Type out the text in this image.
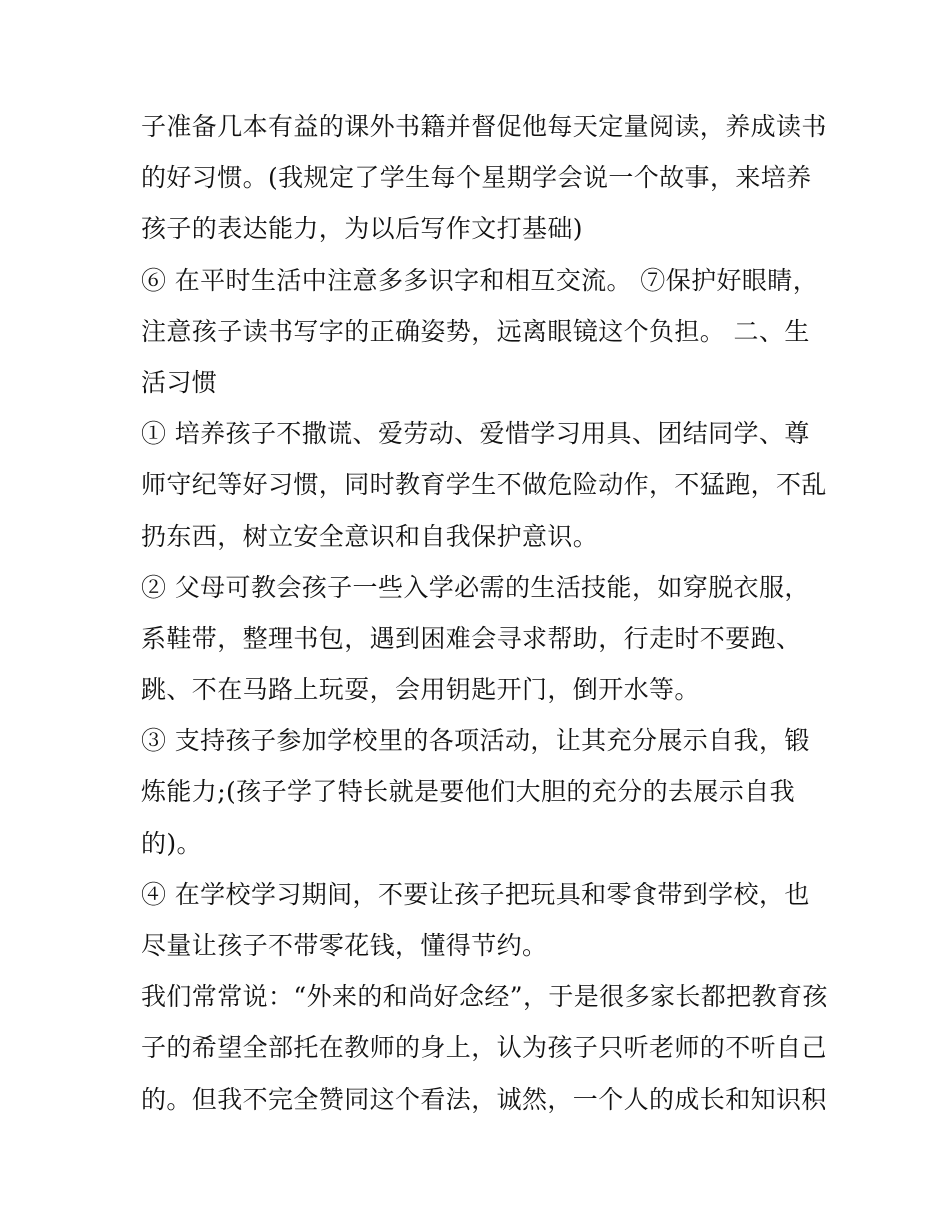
子准备几本有益的课外书籍并督促他每天定量阅读，养成读书
的好习惯。(我规定了学生每个星期学会说一个故事，来培养
孩子的表达能力，为以后写作文打基础)
⑥ 在平时生活中注意多多识字和相互交流。 ⑦保护好眼睛，
注意孩子读书写字的正确姿势，远离眼镜这个负担。 二、生
活习惯
① 培养孩子不撒谎、爱劳动、爱惜学习用具、团结同学、尊
师守纪等好习惯，同时教育学生不做危险动作，不猛跑，不乱
扔东西，树立安全意识和自我保护意识。
② 父母可教会孩子一些入学必需的生活技能，如穿脱衣服，
系鞋带，整理书包，遇到困难会寻求帮助，行走时不要跑、
跳、不在马路上玩耍，会用钥匙开门，倒开水等。
③ 支持孩子参加学校里的各项活动，让其充分展示自我，锻
炼能力;(孩子学了特长就是要他们大胆的充分的去展示自我
的)。
④ 在学校学习期间，不要让孩子把玩具和零食带到学校，也
尽量让孩子不带零花钱，懂得节约。
我们常常说：“外来的和尚好念经”，于是很多家长都把教育孩
子的希望全部托在教师的身上，认为孩子只听老师的不听自己
的。但我不完全赞同这个看法，诚然，一个人的成长和知识积
